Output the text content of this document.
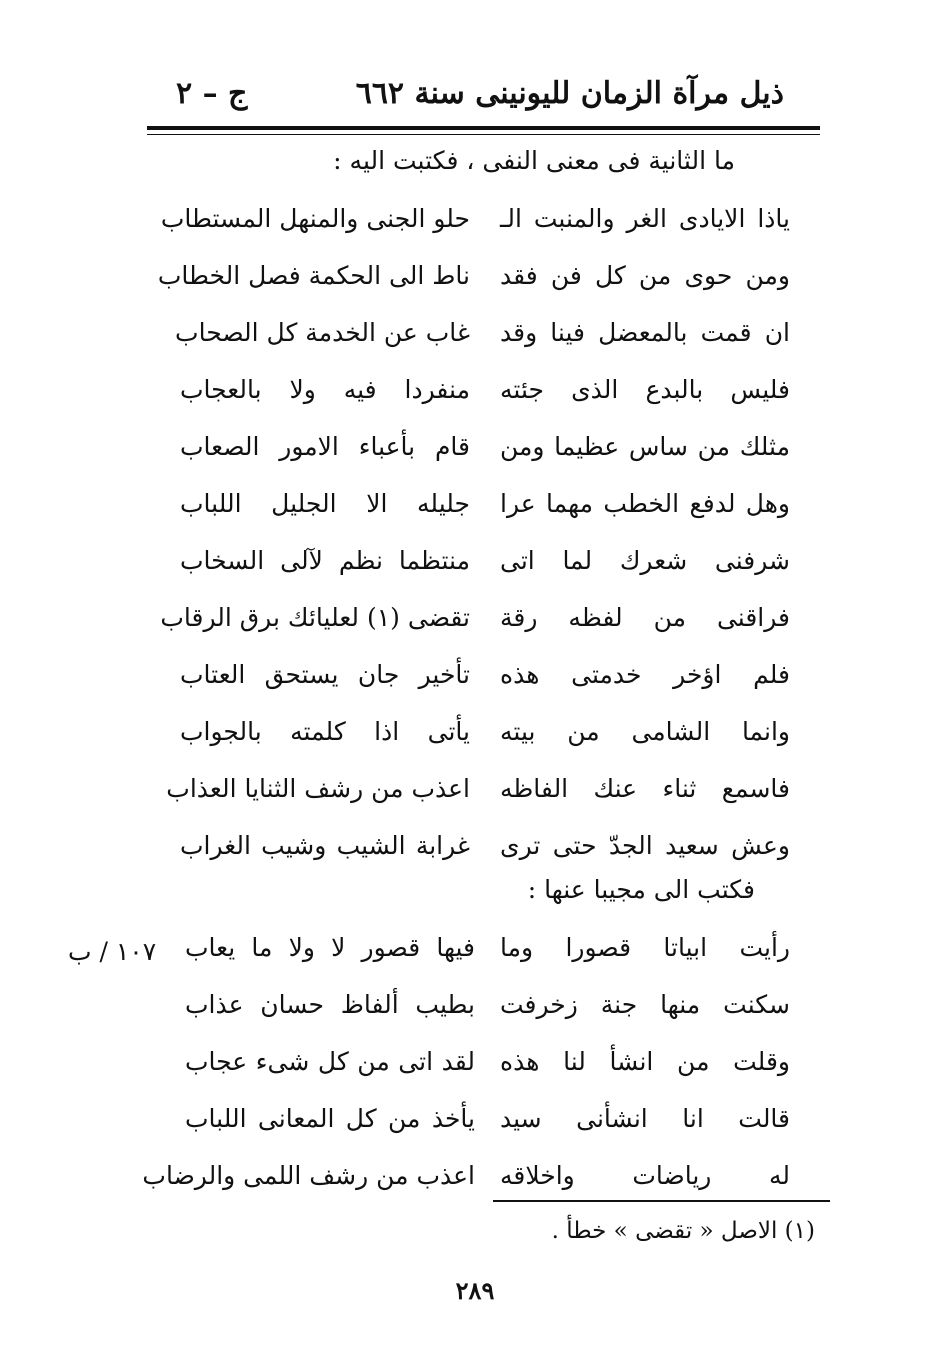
ذيل مرآة الزمان لليونينى سنة ٦٦٢
ج – ٢
ما الثانية فى معنى النفى ، فكتبت اليه :
ياذا الايادى الغر والمنبت الـ
حلو الجنى والمنهل المستطاب
ومن حوى من كل فن فقد
ناط الى الحكمة فصل الخطاب
ان قمت بالمعضل فينا وقد
غاب عن الخدمة كل الصحاب
فليس بالبدع الذى جئته
منفردا فيه ولا بالعجاب
مثلك من ساس عظيما ومن
قام بأعباء الامور الصعاب
وهل لدفع الخطب مهما عرا
جليله الا الجليل اللباب
شرفنى شعرك لما اتى
منتظما نظم لآلى السخاب
فراقنى من لفظه رقة
تقضى (١) لعليائك برق الرقاب
فلم اؤخر خدمتى هذه
تأخير جان يستحق العتاب
وانما الشامى من بيته
يأتى اذا كلمته بالجواب
فاسمع ثناء عنك الفاظه
اعذب من رشف الثنايا العذاب
وعش سعيد الجدّ حتى ترى
غرابة الشيب وشيب الغراب
فكتب الى مجيبا عنها :
رأيت ابياتا قصورا وما
فيها قصور لا ولا ما يعاب
سكنت منها جنة زخرفت
بطيب ألفاظ حسان عذاب
وقلت من انشأ لنا هذه
لقد اتى من كل شىء عجاب
قالت انا انشأنى سيد
يأخذ من كل المعانى اللباب
له رياضات واخلاقه
اعذب من رشف اللمى والرضاب
١٠٧ / ب
(١) الاصل « تقضى » خطأ .
٢٨٩
